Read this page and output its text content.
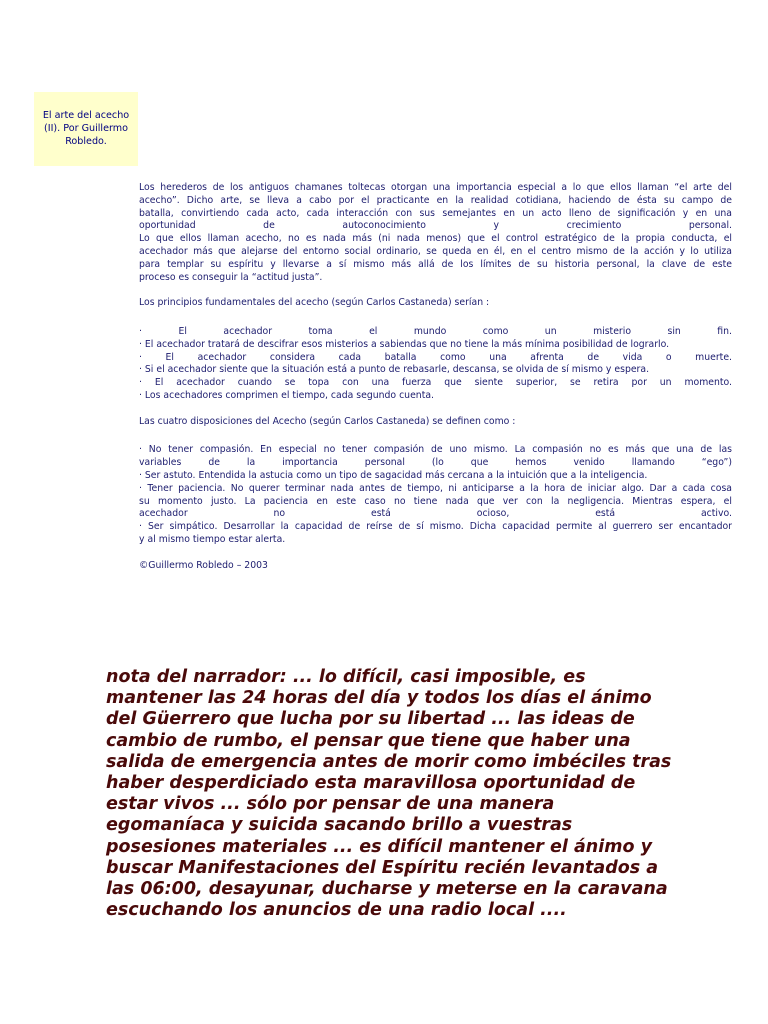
El arte del acecho
(II). Por Guillermo
Robledo.

Los herederos de los antiguos chamanes toltecas otorgan una importancia especial a lo que ellos llaman “el arte del

acecho”. Dicho arte, se lleva a cabo por el practicante en la realidad cotidiana, haciendo de ésta su campo de

batalla, convirtiendo cada acto, cada interacción con sus semejantes en un acto lleno de significación y en una

oportunidad de autoconocimiento y crecimiento personal.

Lo que ellos llaman acecho, no es nada más (ni nada menos) que el control estratégico de la propia conducta, el

acechador más que alejarse del entorno social ordinario, se queda en él, en el centro mismo de la acción y lo utiliza

para templar su espíritu y llevarse a sí mismo más allá de los límites de su historia personal, la clave de este

proceso es conseguir la “actitud justa”.

Los principios fundamentales del acecho (según Carlos Castaneda) serían :

· El acechador toma el mundo como un misterio sin fin.

· El acechador tratará de descifrar esos misterios a sabiendas que no tiene la más mínima posibilidad de lograrlo.

· El acechador considera cada batalla como una afrenta de vida o muerte.

· Si el acechador siente que la situación está a punto de rebasarle, descansa, se olvida de sí mismo y espera.

· El acechador cuando se topa con una fuerza que siente superior, se retira por un momento.

· Los acechadores comprimen el tiempo, cada segundo cuenta.

Las cuatro disposiciones del Acecho (según Carlos Castaneda) se definen como :

· No tener compasión. En especial no tener compasión de uno mismo. La compasión no es más que una de las

variables de la importancia personal (lo que hemos venido llamando “ego”)

· Ser astuto. Entendida la astucia como un tipo de sagacidad más cercana a la intuición que a la inteligencia.

· Tener paciencia. No querer terminar nada antes de tiempo, ni anticiparse a la hora de iniciar algo. Dar a cada cosa

su momento justo. La paciencia en este caso no tiene nada que ver con la negligencia. Mientras espera, el

acechador no está ocioso, está activo.

· Ser simpático. Desarrollar la capacidad de reírse de sí mismo. Dicha capacidad permite al guerrero ser encantador

y al mismo tiempo estar alerta.

©Guillermo Robledo – 2003

nota del narrador: ... lo difícil, casi imposible, es
mantener las 24 horas del día y todos los días el ánimo
del Güerrero que lucha por su libertad ... las ideas de
cambio de rumbo, el pensar que tiene que haber una
salida de emergencia antes de morir como imbéciles tras
haber desperdiciado esta maravillosa oportunidad de
estar vivos ... sólo por pensar de una manera
egomaníaca y suicida sacando brillo a vuestras
posesiones materiales ... es difícil mantener el ánimo y
buscar Manifestaciones del Espíritu recién levantados a
las 06:00, desayunar, ducharse y meterse en la caravana
escuchando los anuncios de una radio local ....
